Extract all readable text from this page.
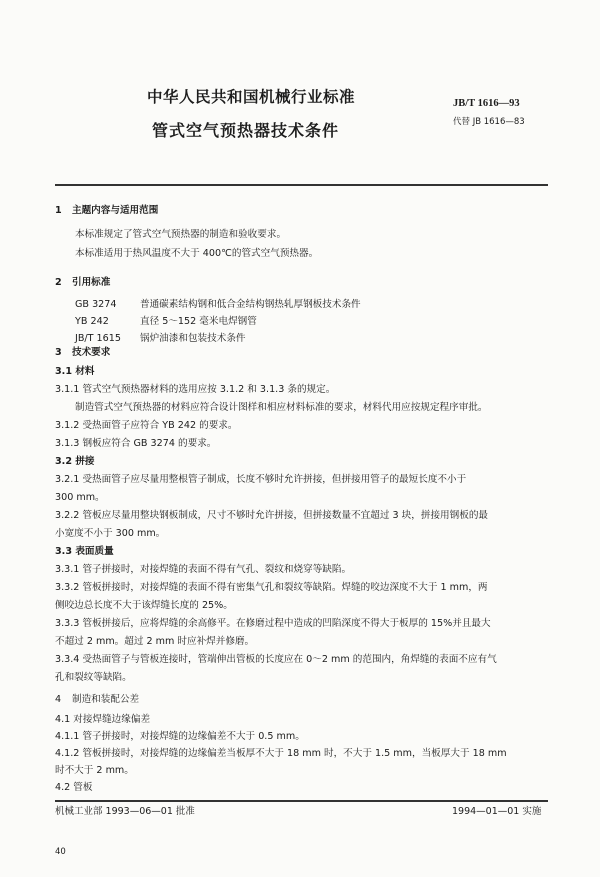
中华人民共和国机械行业标准
管式空气预热器技术条件
JB/T 1616—93
代替 JB 1616—83
1 主题内容与适用范围
本标准规定了管式空气预热器的制造和验收要求。
本标准适用于热风温度不大于 400℃的管式空气预热器。
2 引用标准
GB 3274 普通碳素结构钢和低合金结构钢热轧厚钢板技术条件
YB 242	直径 5～152 毫米电焊钢管
JB/T 1615 锅炉油漆和包装技术条件
3 技术要求
3.1 材料
3.1.1 管式空气预热器材料的选用应按 3.1.2 和 3.1.3 条的规定。
制造管式空气预热器的材料应符合设计图样和相应材料标准的要求，材料代用应按规定程序审批。
3.1.2 受热面管子应符合 YB 242 的要求。
3.1.3 钢板应符合 GB 3274 的要求。
3.2 拼接
3.2.1 受热面管子应尽量用整根管子制成，长度不够时允许拼接，但拼接用管子的最短长度不小于
300 mm。
3.2.2 管板应尽量用整块钢板制成，尺寸不够时允许拼接，但拼接数量不宜超过 3 块，拼接用钢板的最
小宽度不小于 300 mm。
3.3 表面质量
3.3.1 管子拼接时，对接焊缝的表面不得有气孔、裂纹和烧穿等缺陷。
3.3.2 管板拼接时，对接焊缝的表面不得有密集气孔和裂纹等缺陷。焊缝的咬边深度不大于 1 mm，两
侧咬边总长度不大于该焊缝长度的 25%。
3.3.3 管板拼接后，应将焊缝的余高修平。在修磨过程中造成的凹陷深度不得大于板厚的 15%并且最大
不超过 2 mm。超过 2 mm 时应补焊并修磨。
3.3.4 受热面管子与管板连接时，管端伸出管板的长度应在 0～2 mm 的范围内，角焊缝的表面不应有气
孔和裂纹等缺陷。
4 制造和装配公差
4.1 对接焊缝边缘偏差
4.1.1 管子拼接时，对接焊缝的边缘偏差不大于 0.5 mm。
4.1.2 管板拼接时，对接焊缝的边缘偏差当板厚不大于 18 mm 时，不大于 1.5 mm，当板厚大于 18 mm
时不大于 2 mm。
4.2 管板
机械工业部 1993—06—01 批准	1994—01—01 实施
40
